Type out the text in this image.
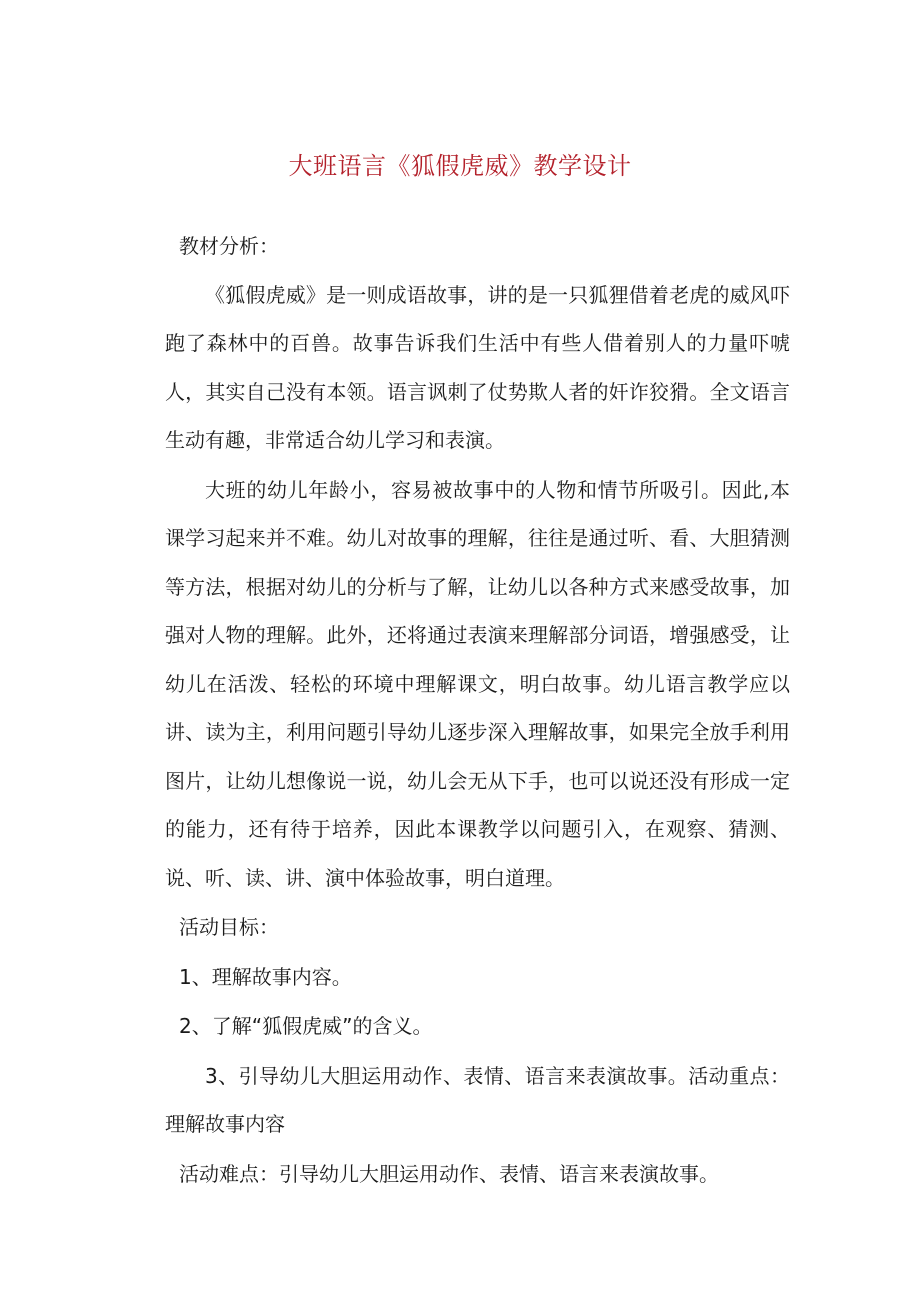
大班语言《狐假虎威》教学设计

教材分析：

《狐假虎威》是一则成语故事，讲的是一只狐狸借着老虎的威风吓跑了森林中的百兽。故事告诉我们生活中有些人借着别人的力量吓唬人，其实自己没有本领。语言讽刺了仗势欺人者的奸诈狡猾。全文语言生动有趣，非常适合幼儿学习和表演。

大班的幼儿年龄小，容易被故事中的人物和情节所吸引。因此,本课学习起来并不难。幼儿对故事的理解，往往是通过听、看、大胆猜测等方法，根据对幼儿的分析与了解，让幼儿以各种方式来感受故事，加强对人物的理解。此外，还将通过表演来理解部分词语，增强感受，让幼儿在活泼、轻松的环境中理解课文，明白故事。幼儿语言教学应以讲、读为主，利用问题引导幼儿逐步深入理解故事，如果完全放手利用图片，让幼儿想像说一说，幼儿会无从下手，也可以说还没有形成一定的能力，还有待于培养，因此本课教学以问题引入，在观察、猜测、说、听、读、讲、演中体验故事，明白道理。

活动目标：

1、理解故事内容。

2、了解“狐假虎威”的含义。

3、引导幼儿大胆运用动作、表情、语言来表演故事。活动重点：理解故事内容

活动难点：引导幼儿大胆运用动作、表情、语言来表演故事。
